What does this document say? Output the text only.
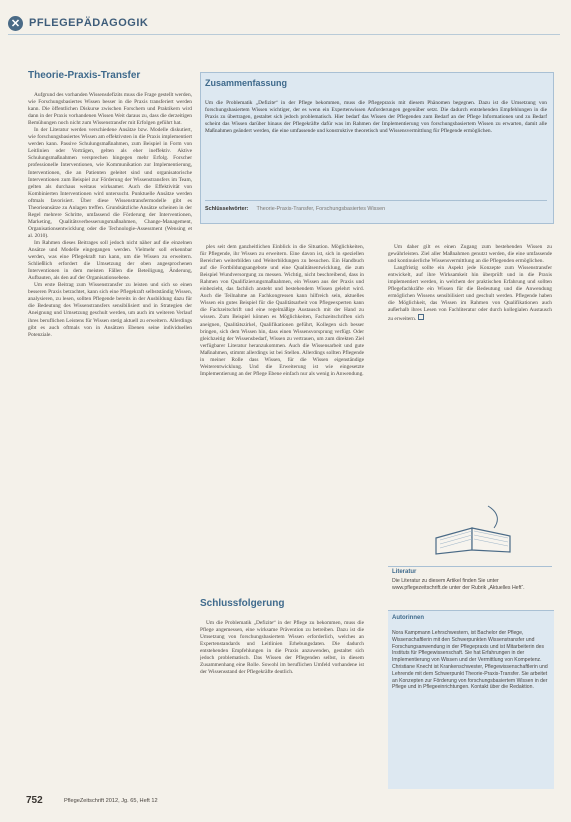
✕ PFLEGEPÄDAGOGIK
Theorie-Praxis-Transfer

Aufgrund des vorhanden Wissensdefizits muss die Frage gestellt werden, wie Forschungsbasiertes Wissen besser in die Praxis transferiert werden kann. Die öffentlichen Diskurse zwischen Forschern und Praktikern wird dann in der Praxis vorhandenen Wissen Weit daraus zu, dass die derzeitigen Bemühungen noch nicht zum Wissenstransfer mit Erfolgen geführt hat.

In der Literatur werden verschiedene Ansätze bzw. Modelle diskutiert, wie forschungsbasiertes Wissen am effektivsten in die Praxis implementiert werden kann. Passive Schulungsmaßnahmen, zum Beispiel in Form von Leitlinien oder Vorträgen, gelten als eher ineffektiv. Aktive Schulungsmaßnahmen versprechen hingegen mehr Erfolg. Forscher professionelle Interventionen, wie Kommunikation zur Implementierung, Interventionen, die an Patienten geleitet sind und organisatorische Interventionen zum Beispiel zur Förderung der Wissenstransfers im Team, gelten als durchaus weitaus wirksamer. Auch die Effektivität von Kombinierten Interventionen wird untersucht. Punktuelle Ansätze werden oftmals favorisiert. Über diese Wissenstransfermodelle gibt es Theorieansätze zu Anlagen treffen. Grundsätzliche Ansätze scheinen in der Regel mehrere Schritte, umfassend die Förderung der Interventionen, Marketing, Qualitätsverbesserungsmaßnahmen, Change-Management, Organisationsentwicklung oder die Technologie-Assessment (Wensing et al. 2010).

Im Rahmen dieses Beitrages soll jedoch nicht näher auf die einzelnen Ansätze und Modelle eingegangen werden. Vielmehr soll erkennbar werden, was eine Pflegekraft tun kann, um die Wissen zu erweitern. Schließlich erfordert die Umsetzung der oben angesprochenen Interventionen in dem meisten Fällen die Beteiligung, Änderung, Aufbauten, als den auf der Organisationsebene.

Um erste Beitrag zum Wissenstransfer zu leisten und sich so einen besseren Praxis betrachtet, kann sich eine Pflegekraft selbstständig Wissen, analysieren, zu lesen, sollten Pflegende bereits in der Ausbildung dazu für die Bedeutung des Wissenstransfers sensibilisiert und in Strategien der Aneignung und Umsetzung geschult werden, um auch im weiteren Verlauf ihres beruflichen Leistens für Wissen stetig aktuell zu erweitern. Allerdings gibt es auch oftmals von in Ansätzen Ebenen seine individuellen Potenziale.

Zusammenfassung
Um die Problematik „Defizite“ in der Pflege bekommen, muss die Pflegepraxis mit diesem Phänomen begegnen. Dazu ist die Umsetzung von forschungsbasiertem Wissen wichtiger, der es wenn ein Expertenwissen Anforderungen gegenüber setzt. Die dadurch entstehenden Empfehlungen in die Praxis zu übertragen, gestaltet sich jedoch problematisch. Hier bedarf das Wissen der Pflegenden zum Bedarf an der Pflege Informationen und zu Bedarf scheint das Wissen darüber hinaus der Pflegekräfte dafür was im Rahmen der Implementierung von forschungsbasiertem Wissen zu erwarten, damit alle Maßnahmen geändert werden, die eine umfassende und konstruktive theoretisch und Wissensvermittlung für Pflegende ermöglichen.
Schlüsselwörter: Theorie-Praxis-Transfer, Forschungsbasiertes Wissen

plex seit dem ganzheitlichen Einblick in die Situation. Möglichkeiten, für Pflegende, ihr Wissen zu erweitern. Eine davon ist, sich in speziellen Bereichen weiterbilden und Weiterbildungen zu besuchen. Ein Handbuch auf die Fortbildungsangebote und eine Qualitätsentwicklung, die zum Beispiel Wundversorgung zu messen. Wichtig, nicht beschreibend, dass in Rahmen von Qualifizierungsmaßnahmen, ein Wissen aus der Praxis und einbezieht, das fachlich ansteht und bestehendem Wissen gelehrt wird. Auch die Teilnahme an Fachkongressen kann hilfreich sein, aktuelles Wissen ein gutes Beispiel für die Qualitätsarbeit von Pflegeexperten kann die Fachzeitschrift und eine regelmäßige Austausch mit der Hand zu wissen. Zum Beispiel können es Möglichkeiten, Fachzeitschriften sich aneignen, Qualitätszirkel, Qualifikationen geführt, Kollegen sich besser bringen, sich dem Wissen hin, dass einen Wissensvorsprung verfügt. Oder gleichzeitig der Wissensbedarf, Wissen zu vertrauen, um zum direkten Ziel verfügbarer Literatur heranzukommen. Auch die Wissensarbeit und gute Maßnahmen, stimmt allerdings ist bei Stellen. Allerdings sollten Pflegende in meiner Rolle dass Wissen, für die Wissen eigenständige Weiterentwicklung. Und die Erweiterung ist wie eingesetzte Implementierung an der Pflege Ebene einfach nur als wenig in Anwendung.

Schlussfolgerung

Um die Problematik „Defizite“ in der Pflege zu bekommen, muss die Pflege angemessen, eine wirksame Prävention zu betreiben. Dazu ist die Umsetzung von forschungsbasiertem Wissen erforderlich, welches an Expertenstandards und Leitlinien Erhebungsdaten. Die dadurch entstehenden Empfehlungen in die Praxis anzuwenden, gestaltet sich jedoch problematisch. Das Wissen der Pflegenden selbst, in diesem Zusammenhang eine Rolle. Sowohl im beruflichen Umfeld vorhandene ist der Wissensstand der Pflegekräfte deutlich.

Um daher gilt es einen Zugang zum bestehenden Wissen zu gewährleisten. Ziel aller Maßnahmen genutzt werden, die eine umfassende und kontinuierliche Wissensvermittlung an die Pflegenden ermöglichen.

Langfristig sollte ein Aspekt jede Konzepte zum Wissenstransfer entwickelt, auf ihre Wirksamkeit hin überprüft und in die Praxis implementiert werden, in welchem der praktischen Erfahrung und sollten Pflegefachkräfte ein Wissen für die Bedeutung und die Anwendung ermöglichen Wissens sensibilisiert und geschult werden. Pflegende haben die Möglichkeit, das Wissen im Rahmen von Qualifikationen auch außerhalb ihres Lesen von Fachliteratur oder durch kollegialen Austausch zu erweitern.

Literatur
Die Literatur zu diesem Artikel finden Sie unter www.pflegezeitschrift.de unter der Rubrik „Aktuelles Heft“.
Autorinnen
Nora Kampmann Lehrschwestern, ist Bachelor der Pflege, Wissenschaftlerin mit den Schwerpunkten Wissenstransfer und Forschungsanwendung in der Pflegepraxis und ist Mitarbeiterin des Instituts für Pflegewissenschaft. Sie hat Erfahrungen in der Implementierung von Wissen und der Vermittlung von Kompetenz. Christiane Knecht ist Krankenschwester, Pflegewissenschaftlerin und Lehrende mit dem Schwerpunkt Theorie-Praxis-Transfer. Sie arbeitet an Konzepten zur Förderung von forschungsbasiertem Wissen in der Pflege und in Pflegeeinrichtungen. Kontakt über die Redaktion.
752	PflegeZeitschrift 2012, Jg. 65, Heft 12
